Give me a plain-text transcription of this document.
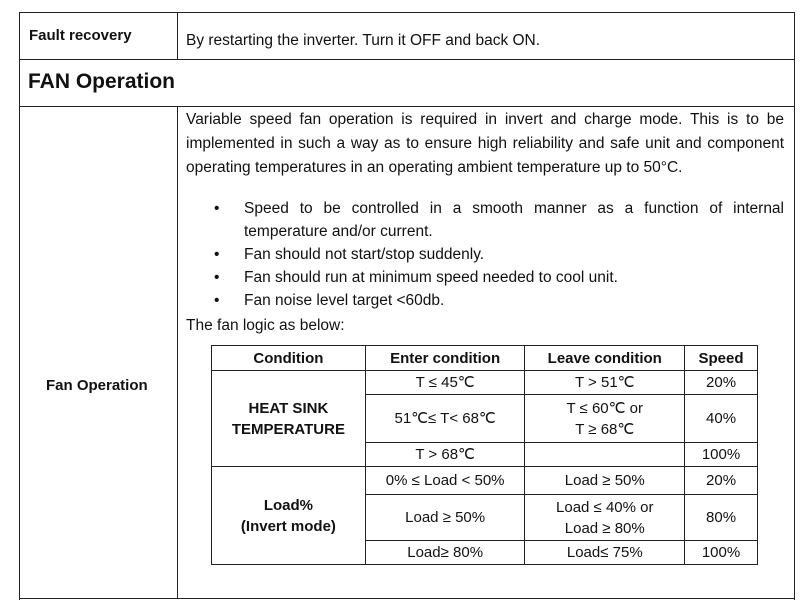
Fault recovery	By restarting the inverter. Turn it OFF and back ON.
FAN Operation
Fan Operation
Variable speed fan operation is required in invert and charge mode. This is to be implemented in such a way as to ensure high reliability and safe unit and component operating temperatures in an operating ambient temperature up to 50°C.
• Speed to be controlled in a smooth manner as a function of internal temperature and/or current.
• Fan should not start/stop suddenly.
• Fan should run at minimum speed needed to cool unit.
• Fan noise level target <60db.
The fan logic as below:
Condition	Enter condition	Leave condition	Speed

HEAT SINK
TEMPERATURE	T ≤ 45℃	T > 51℃	20%
	51℃≤ T< 68℃	T ≤ 60℃ or
T ≥ 68℃	40%
	T > 68℃		100%

Load%
(Invert mode)	0% ≤ Load < 50%	Load ≥ 50%	20%
	Load ≥ 50%	Load ≤ 40% or
Load ≥ 80%	80%
	Load≥ 80%	Load≤ 75%	100%
